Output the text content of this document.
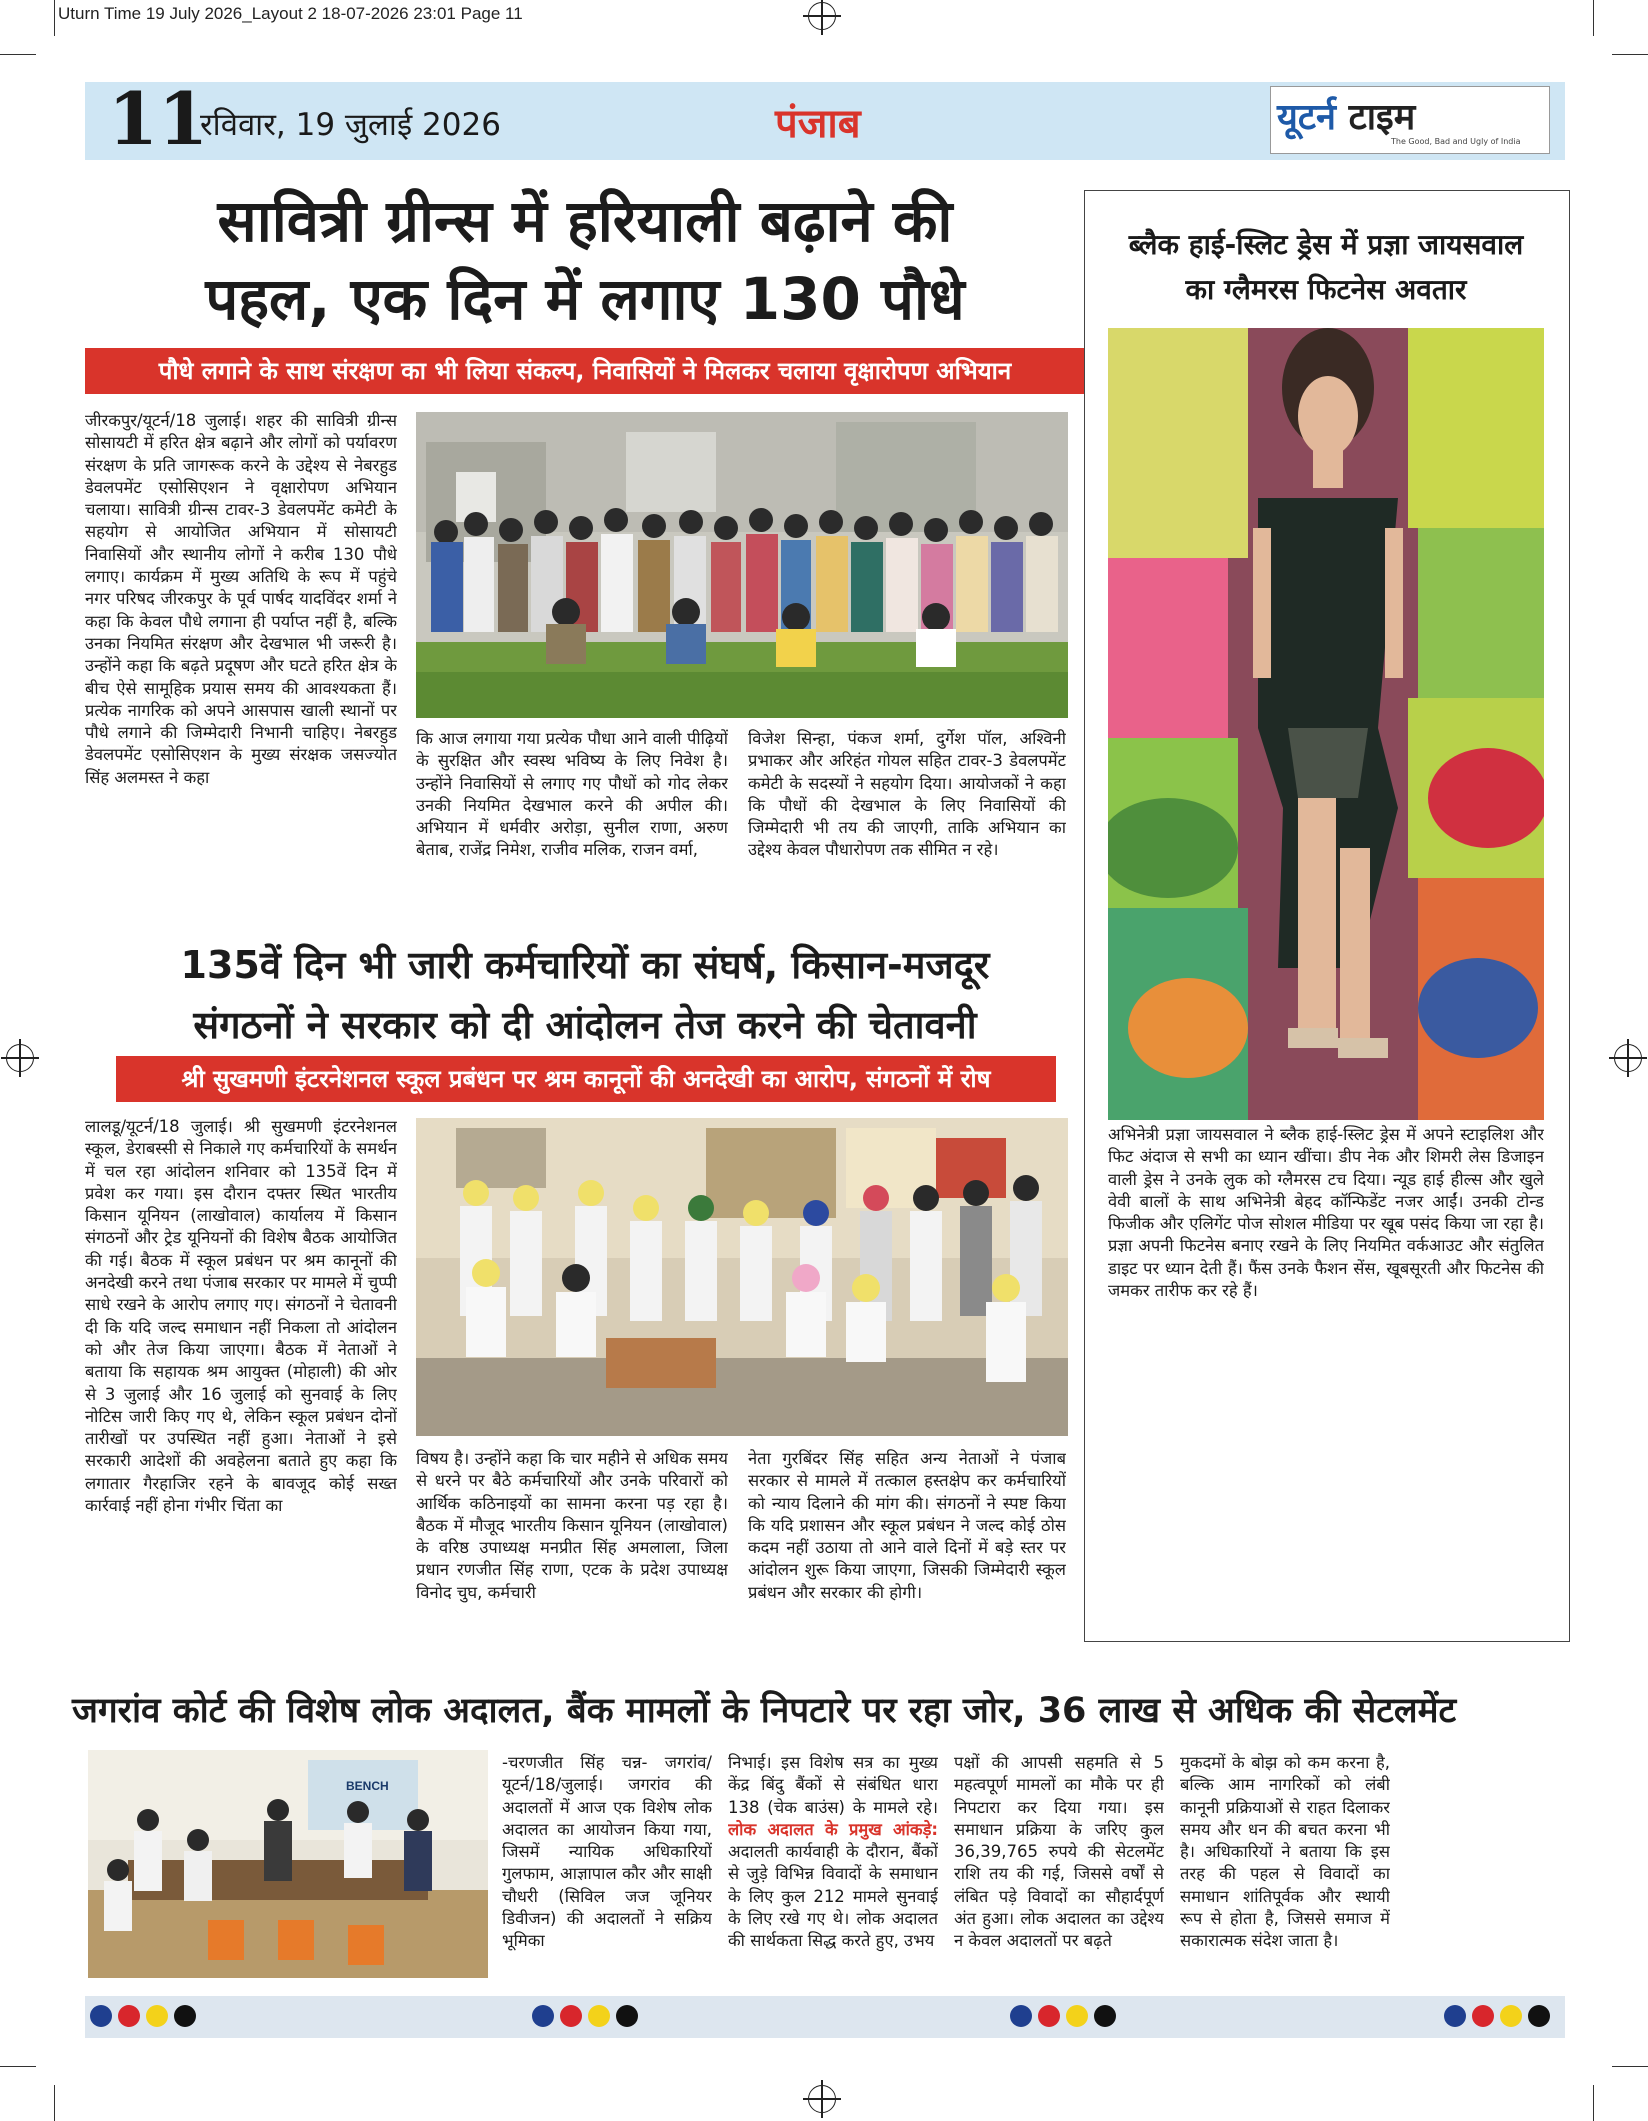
Uturn Time 19 July 2026_Layout 2 18-07-2026 23:01 Page 11
11
रविवार, 19 जुलाई 2026	पंजाब	यूटर्न टाइम
The Good, Bad and Ugly of India
सावित्री ग्रीन्स में हरियाली बढ़ाने की
पहल, एक दिन में लगाए 130 पौधे
पौधे लगाने के साथ संरक्षण का भी लिया संकल्प, निवासियों ने मिलकर चलाया वृक्षारोपण अभियान
जीरकपुर/यूटर्न/18 जुलाई। शहर की सावित्री ग्रीन्स सोसायटी में हरित क्षेत्र बढ़ाने और लोगों को पर्यावरण संरक्षण के प्रति जागरूक करने के उद्देश्य से नेबरहुड डेवलपमेंट एसोसिएशन ने वृक्षारोपण अभियान चलाया। सावित्री ग्रीन्स टावर-3 डेवलपमेंट कमेटी के सहयोग से आयोजित अभियान में सोसायटी निवासियों और स्थानीय लोगों ने करीब 130 पौधे लगाए। कार्यक्रम में मुख्य अतिथि के रूप में पहुंचे नगर परिषद जीरकपुर के पूर्व पार्षद यादविंदर शर्मा ने कहा कि केवल पौधे लगाना ही पर्याप्त नहीं है, बल्कि उनका नियमित संरक्षण और देखभाल भी जरूरी है। उन्होंने कहा कि बढ़ते प्रदूषण और घटते हरित क्षेत्र के बीच ऐसे सामूहिक प्रयास समय की आवश्यकता हैं। प्रत्येक नागरिक को अपने आसपास खाली स्थानों पर पौधे लगाने की जिम्मेदारी निभानी चाहिए। नेबरहुड डेवलपमेंट एसोसिएशन के मुख्य संरक्षक जसज्योत सिंह अलमस्त ने कहा
कि आज लगाया गया प्रत्येक पौधा आने वाली पीढ़ियों के सुरक्षित और स्वस्थ भविष्य के लिए निवेश है। उन्होंने निवासियों से लगाए गए पौधों को गोद लेकर उनकी नियमित देखभाल करने की अपील की। अभियान में धर्मवीर अरोड़ा, सुनील राणा, अरुण बेताब, राजेंद्र निमेश, राजीव मलिक, राजन वर्मा,
विजेश सिन्हा, पंकज शर्मा, दुर्गेश पॉल, अश्विनी प्रभाकर और अरिहंत गोयल सहित टावर-3 डेवलपमेंट कमेटी के सदस्यों ने सहयोग दिया। आयोजकों ने कहा कि पौधों की देखभाल के लिए निवासियों की जिम्मेदारी भी तय की जाएगी, ताकि अभियान का उद्देश्य केवल पौधारोपण तक सीमित न रहे।
135वें दिन भी जारी कर्मचारियों का संघर्ष, किसान-मजदूर
संगठनों ने सरकार को दी आंदोलन तेज करने की चेतावनी
श्री सुखमणी इंटरनेशनल स्कूल प्रबंधन पर श्रम कानूनों की अनदेखी का आरोप, संगठनों में रोष
लालडू/यूटर्न/18 जुलाई। श्री सुखमणी इंटरनेशनल स्कूल, डेराबस्सी से निकाले गए कर्मचारियों के समर्थन में चल रहा आंदोलन शनिवार को 135वें दिन में प्रवेश कर गया। इस दौरान दफ्तर स्थित भारतीय किसान यूनियन (लाखोवाल) कार्यालय में किसान संगठनों और ट्रेड यूनियनों की विशेष बैठक आयोजित की गई। बैठक में स्कूल प्रबंधन पर श्रम कानूनों की अनदेखी करने तथा पंजाब सरकार पर मामले में चुप्पी साधे रखने के आरोप लगाए गए। संगठनों ने चेतावनी दी कि यदि जल्द समाधान नहीं निकला तो आंदोलन को और तेज किया जाएगा। बैठक में नेताओं ने बताया कि सहायक श्रम आयुक्त (मोहाली) की ओर से 3 जुलाई और 16 जुलाई को सुनवाई के लिए नोटिस जारी किए गए थे, लेकिन स्कूल प्रबंधन दोनों तारीखों पर उपस्थित नहीं हुआ। नेताओं ने इसे सरकारी आदेशों की अवहेलना बताते हुए कहा कि लगातार गैरहाजिर रहने के बावजूद कोई सख्त कार्रवाई नहीं होना गंभीर चिंता का
विषय है। उन्होंने कहा कि चार महीने से अधिक समय से धरने पर बैठे कर्मचारियों और उनके परिवारों को आर्थिक कठिनाइयों का सामना करना पड़ रहा है। बैठक में मौजूद भारतीय किसान यूनियन (लाखोवाल) के वरिष्ठ उपाध्यक्ष मनप्रीत सिंह अमलाला, जिला प्रधान रणजीत सिंह राणा, एटक के प्रदेश उपाध्यक्ष विनोद चुघ, कर्मचारी
नेता गुरबिंदर सिंह सहित अन्य नेताओं ने पंजाब सरकार से मामले में तत्काल हस्तक्षेप कर कर्मचारियों को न्याय दिलाने की मांग की। संगठनों ने स्पष्ट किया कि यदि प्रशासन और स्कूल प्रबंधन ने जल्द कोई ठोस कदम नहीं उठाया तो आने वाले दिनों में बड़े स्तर पर आंदोलन शुरू किया जाएगा, जिसकी जिम्मेदारी स्कूल प्रबंधन और सरकार की होगी।
ब्लैक हाई-स्लिट ड्रेस में प्रज्ञा जायसवाल
का ग्लैमरस फिटनेस अवतार
अभिनेत्री प्रज्ञा जायसवाल ने ब्लैक हाई-स्लिट ड्रेस में अपने स्टाइलिश और फिट अंदाज से सभी का ध्यान खींचा। डीप नेक और शिमरी लेस डिजाइन वाली ड्रेस ने उनके लुक को ग्लैमरस टच दिया। न्यूड हाई हील्स और खुले वेवी बालों के साथ अभिनेत्री बेहद कॉन्फिडेंट नजर आईं। उनकी टोन्ड फिजीक और एलिगेंट पोज सोशल मीडिया पर खूब पसंद किया जा रहा है। प्रज्ञा अपनी फिटनेस बनाए रखने के लिए नियमित वर्कआउट और संतुलित डाइट पर ध्यान देती हैं। फैंस उनके फैशन सेंस, खूबसूरती और फिटनेस की जमकर तारीफ कर रहे हैं।
जगरांव कोर्ट की विशेष लोक अदालत, बैंक मामलों के निपटारे पर रहा जोर, 36 लाख से अधिक की सेटलमेंट
BENCH
-चरणजीत सिंह चन्न- जगरांव/यूटर्न/18/जुलाई। जगरांव की अदालतों में आज एक विशेष लोक अदालत का आयोजन किया गया, जिसमें न्यायिक अधिकारियों गुलफाम, आज्ञापाल कौर और साक्षी चौधरी (सिविल जज जूनियर डिवीजन) की अदालतों ने सक्रिय भूमिका
निभाई। इस विशेष सत्र का मुख्य केंद्र बिंदु बैंकों से संबंधित धारा 138 (चेक बाउंस) के मामले रहे। लोक अदालत के प्रमुख आंकड़े: अदालती कार्यवाही के दौरान, बैंकों से जुड़े विभिन्न विवादों के समाधान के लिए कुल 212 मामले सुनवाई के लिए रखे गए थे। लोक अदालत की सार्थकता सिद्ध करते हुए, उभय
पक्षों की आपसी सहमति से 5 महत्वपूर्ण मामलों का मौके पर ही निपटारा कर दिया गया। इस समाधान प्रक्रिया के जरिए कुल 36,39,765 रुपये की सेटलमेंट राशि तय की गई, जिससे वर्षों से लंबित पड़े विवादों का सौहार्दपूर्ण अंत हुआ। लोक अदालत का उद्देश्य न केवल अदालतों पर बढ़ते
मुकदमों के बोझ को कम करना है, बल्कि आम नागरिकों को लंबी कानूनी प्रक्रियाओं से राहत दिलाकर समय और धन की बचत करना भी है। अधिकारियों ने बताया कि इस तरह की पहल से विवादों का समाधान शांतिपूर्वक और स्थायी रूप से होता है, जिससे समाज में सकारात्मक संदेश जाता है।
